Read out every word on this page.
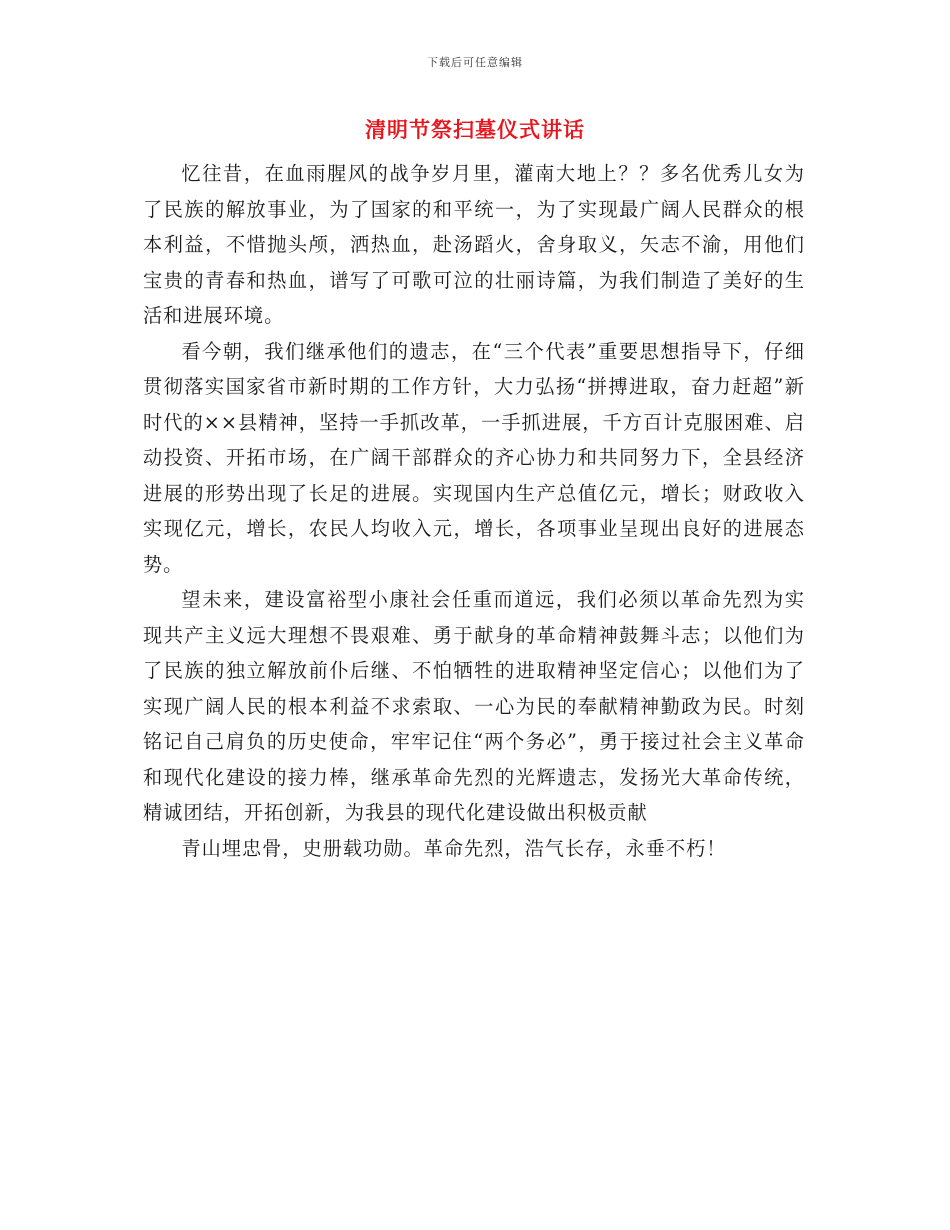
下载后可任意编辑
清明节祭扫墓仪式讲话

忆往昔，在血雨腥风的战争岁月里，灌南大地上？？多名优秀儿女为了民族的解放事业，为了国家的和平统一，为了实现最广阔人民群众的根本利益，不惜抛头颅，洒热血，赴汤蹈火，舍身取义，矢志不渝，用他们宝贵的青春和热血，谱写了可歌可泣的壮丽诗篇，为我们制造了美好的生活和进展环境。

看今朝，我们继承他们的遗志，在“三个代表”重要思想指导下，仔细贯彻落实国家省市新时期的工作方针，大力弘扬“拼搏进取，奋力赶超”新时代的××县精神，坚持一手抓改革，一手抓进展，千方百计克服困难、启动投资、开拓市场，在广阔干部群众的齐心协力和共同努力下，全县经济进展的形势出现了长足的进展。实现国内生产总值亿元，增长；财政收入实现亿元，增长，农民人均收入元，增长，各项事业呈现出良好的进展态势。

望未来，建设富裕型小康社会任重而道远，我们必须以革命先烈为实现共产主义远大理想不畏艰难、勇于献身的革命精神鼓舞斗志；以他们为了民族的独立解放前仆后继、不怕牺牲的进取精神坚定信心；以他们为了实现广阔人民的根本利益不求索取、一心为民的奉献精神勤政为民。时刻铭记自己肩负的历史使命，牢牢记住“两个务必”，勇于接过社会主义革命和现代化建设的接力棒，继承革命先烈的光辉遗志，发扬光大革命传统，精诚团结，开拓创新，为我县的现代化建设做出积极贡献

青山埋忠骨，史册载功勋。革命先烈，浩气长存，永垂不朽！
